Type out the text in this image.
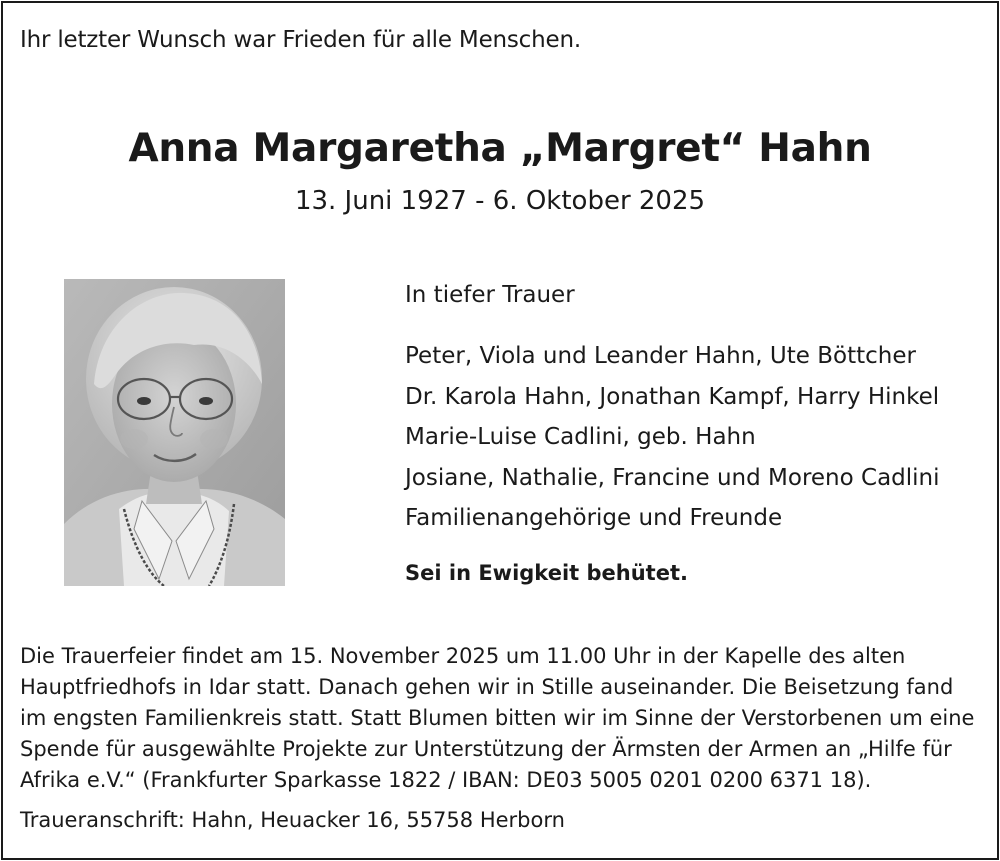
Ihr letzter Wunsch war Frieden für alle Menschen.
Anna Margaretha „Margret“ Hahn
13. Juni 1927 - 6. Oktober 2025
In tiefer Trauer
Peter, Viola und Leander Hahn, Ute Böttcher
Dr. Karola Hahn, Jonathan Kampf, Harry Hinkel
Marie-Luise Cadlini, geb. Hahn
Josiane, Nathalie, Francine und Moreno Cadlini
Familienangehörige und Freunde
Sei in Ewigkeit behütet.
Die Trauerfeier findet am 15. November 2025 um 11.00 Uhr in der Kapelle des alten
Hauptfriedhofs in Idar statt. Danach gehen wir in Stille auseinander. Die Beisetzung fand
im engsten Familienkreis statt. Statt Blumen bitten wir im Sinne der Verstorbenen um eine
Spende für ausgewählte Projekte zur Unterstützung der Ärmsten der Armen an „Hilfe für
Afrika e.V.“ (Frankfurter Sparkasse 1822 / IBAN: DE03 5005 0201 0200 6371 18).
Traueranschrift: Hahn, Heuacker 16, 55758 Herborn
